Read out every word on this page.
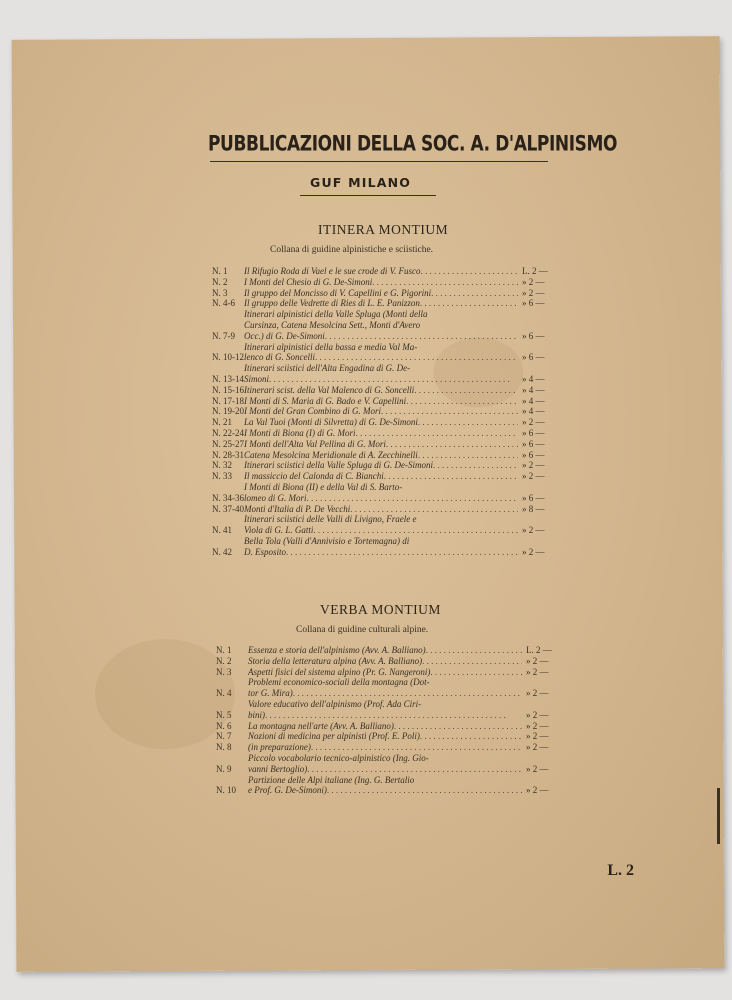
PUBBLICAZIONI DELLA SOC. A. D'ALPINISMO
GUF MILANO
ITINERA MONTIUM
Collana di guidine alpinistiche e sciistiche.
N. 1	Il Rifugio Roda di Vael e le sue crode di V. Fusco . . .	L. 2 —
N. 2	I Monti del Chesio di G. De-Simoni . . .	» 2 —
N. 3	Il gruppo del Moncisso di V. Capellini e G. Pigorini . . .	» 2 —
N. 4-6	Il gruppo delle Vedrette di Ries di L. E. Panizzon . . .	» 6 —
N. 7-9
Itinerari alpinistici della Valle Spluga (Monti della
Cursinza, Catena Mesolcina Sett., Monti d'Avero
Occ.) di G. De-Simoni . . .	» 6 —
N. 10-12
Itinerari alpinistici della bassa e media Val Ma-
lenco di G. Soncelli . . .	» 6 —
N. 13-14
Itinerari sciistici dell'Alta Engadina di G. De-
Simoni . . .	» 4 —
N. 15-16 Itinerari scist. della Val Malenco di G. Soncelli . . .	» 4 —
N. 17-18 I Monti di S. Maria di G. Bado e V. Capellini . . .	» 4 —
N. 19-20 I Monti del Gran Combino di G. Mori . . .	» 4 —
N. 21	La Val Tuoi (Monti di Silvretta) di G. De-Simoni . . .	» 2 —
N. 22-24 I Monti di Biona (I) di G. Mori . . .	» 6 —
N. 25-27 I Monti dell'Alta Val Pellina di G. Mori . . .	» 6 —
N. 28-31 Catena Mesolcina Meridionale di A. Zecchinelli . . .	» 6 —
N. 32	Itinerari sciistici della Valle Spluga di G. De-Simoni . . .	» 2 —
N. 33	Il massiccio del Calonda di C. Bianchi . . .	» 2 —
N. 34-36
I Monti di Biona (II) e della Val di S. Barto-
lomeo di G. Mori . . .	» 6 —
N. 37-40 Monti d'Italia di P. De Vecchi . . .	» 8 —
N. 41
Itinerari sciistici delle Valli di Livigno, Fraele e
Viola di G. L. Gatti . . .	» 2 —
N. 42
Bella Tola (Valli d'Annivisio e Tortemagna) di
D. Esposito . . .	» 2 —
VERBA MONTIUM
Collana di guidine culturali alpine.
N. 1	Essenza e storia dell'alpinismo (Avv. A. Balliano) . . .	L. 2 —
N. 2	Storia della letteratura alpina (Avv. A. Balliano) . . .	» 2 —
N. 3	Aspetti fisici del sistema alpino (Pr. G. Nangeroni) . . .	» 2 —
N. 4
Problemi economico-sociali della montagna (Dot-
tor G. Mira) . . .	» 2 —
N. 5
Valore educativo dell'alpinismo (Prof. Ada Ciri-
bini) . . .	» 2 —
N. 6	La montagna nell'arte (Avv. A. Balliano) . . .	» 2 —
N. 7	Nozioni di medicina per alpinisti (Prof. E. Poli) . . .	» 2 —
N. 8	(in preparazione) . . .	» 2 —
N. 9
Piccolo vocabolario tecnico-alpinistico (Ing. Gio-
vanni Bertoglio) . . .	» 2 —
N. 10
Partizione delle Alpi italiane (Ing. G. Bertalio
e Prof. G. De-Simoni) . . .	» 2 —
L. 2
